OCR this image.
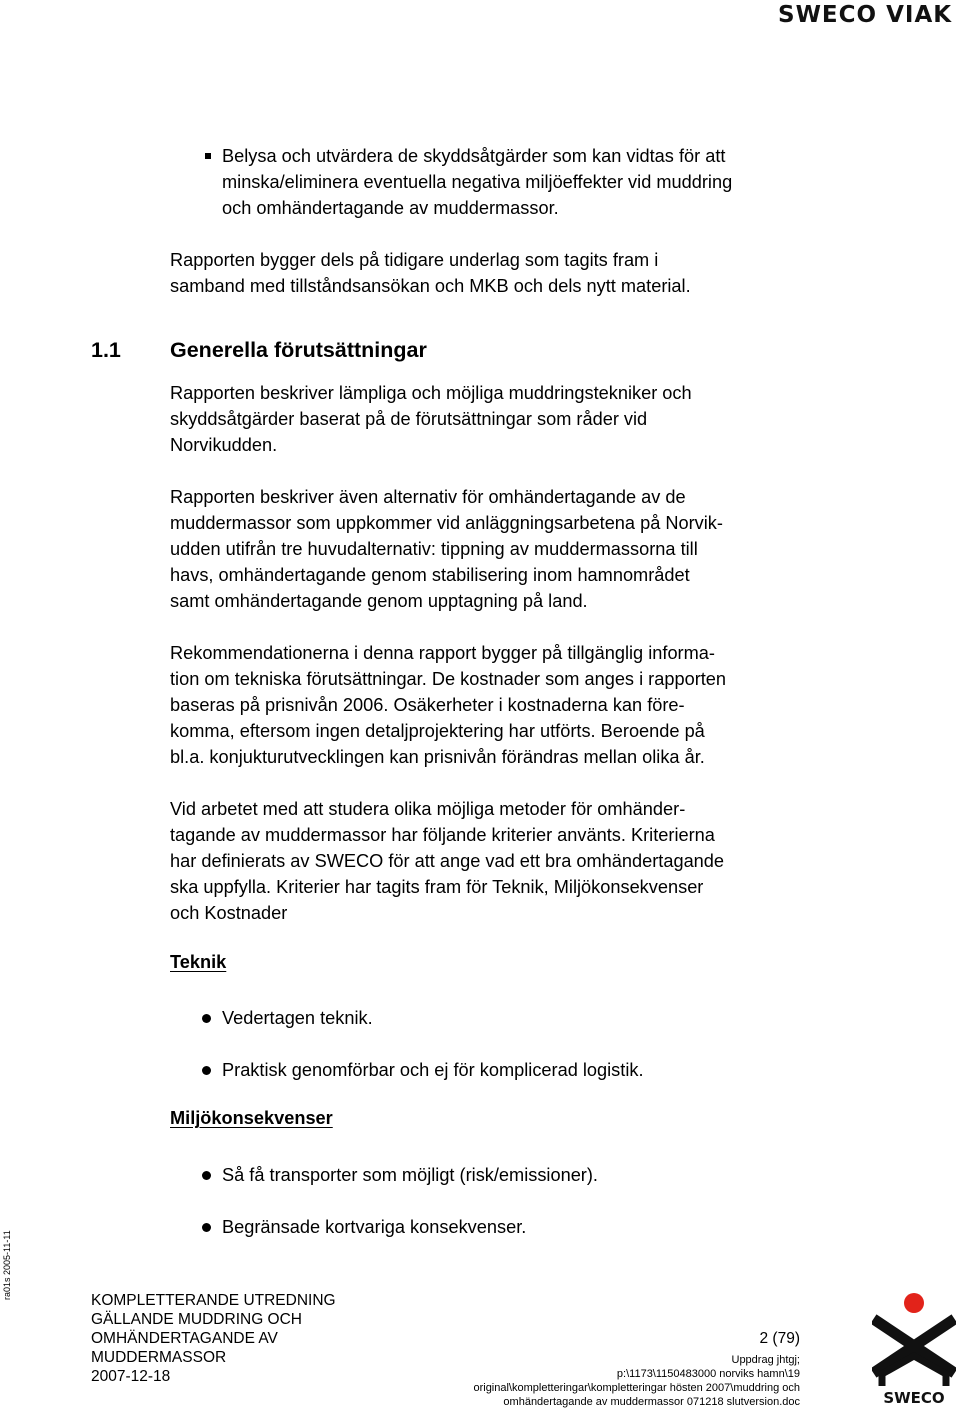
SWECO VIAK
Belysa och utvärdera de skyddsåtgärder som kan vidtas för att
minska/eliminera eventuella negativa miljöeffekter vid muddring
och omhändertagande av muddermassor.
Rapporten bygger dels på tidigare underlag som tagits fram i
samband med tillståndsansökan och MKB och dels nytt material.
1.1 Generella förutsättningar
Rapporten beskriver lämpliga och möjliga muddringstekniker och
skyddsåtgärder baserat på de förutsättningar som råder vid
Norvikudden.
Rapporten beskriver även alternativ för omhändertagande av de
muddermassor som uppkommer vid anläggningsarbetena på Norvik-
udden utifrån tre huvudalternativ: tippning av muddermassorna till
havs, omhändertagande genom stabilisering inom hamnområdet
samt omhändertagande genom upptagning på land.
Rekommendationerna i denna rapport bygger på tillgänglig informa-
tion om tekniska förutsättningar. De kostnader som anges i rapporten
baseras på prisnivån 2006. Osäkerheter i kostnaderna kan före-
komma, eftersom ingen detaljprojektering har utförts. Beroende på
bl.a. konjukturutvecklingen kan prisnivån förändras mellan olika år.
Vid arbetet med att studera olika möjliga metoder för omhänder-
tagande av muddermassor har följande kriterier använts. Kriterierna
har definierats av SWECO för att ange vad ett bra omhändertagande
ska uppfylla. Kriterier har tagits fram för Teknik, Miljökonsekvenser
och Kostnader
Teknik
Vedertagen teknik.
Praktisk genomförbar och ej för komplicerad logistik.
Miljökonsekvenser
Så få transporter som möjligt (risk/emissioner).
Begränsade kortvariga konsekvenser.
ra01s 2005-11-11
KOMPLETTERANDE UTREDNING
GÄLLANDE MUDDRING OCH
OMHÄNDERTAGANDE AV
MUDDERMASSOR
2007-12-18
2 (79)
Uppdrag jhtgj;
p:\1173\1150483000 norviks hamn\19
original\kompletteringar\kompletteringar hösten 2007\muddring och
omhändertagande av muddermassor 071218 slutversion.doc	SWECO
